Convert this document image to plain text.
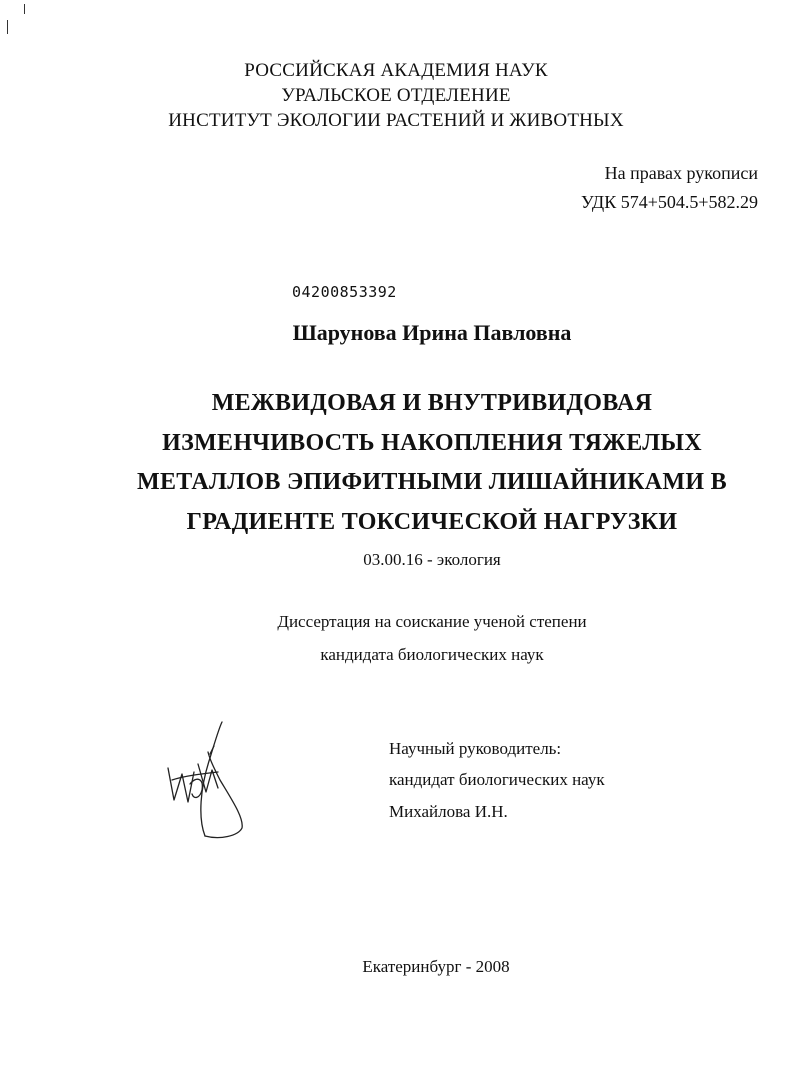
РОССИЙСКАЯ АКАДЕМИЯ НАУК
УРАЛЬСКОЕ ОТДЕЛЕНИЕ
ИНСТИТУТ ЭКОЛОГИИ РАСТЕНИЙ И ЖИВОТНЫХ
На правах рукописи
УДК 574+504.5+582.29
04200853392
Шарунова Ирина Павловна
МЕЖВИДОВАЯ И ВНУТРИВИДОВАЯ
ИЗМЕНЧИВОСТЬ НАКОПЛЕНИЯ ТЯЖЕЛЫХ
МЕТАЛЛОВ ЭПИФИТНЫМИ ЛИШАЙНИКАМИ В
ГРАДИЕНТЕ ТОКСИЧЕСКОЙ НАГРУЗКИ
03.00.16 - экология
Диссертация на соискание ученой степени
кандидата биологических наук
Научный руководитель:
кандидат биологических наук
Михайлова И.Н.
Екатеринбург - 2008
